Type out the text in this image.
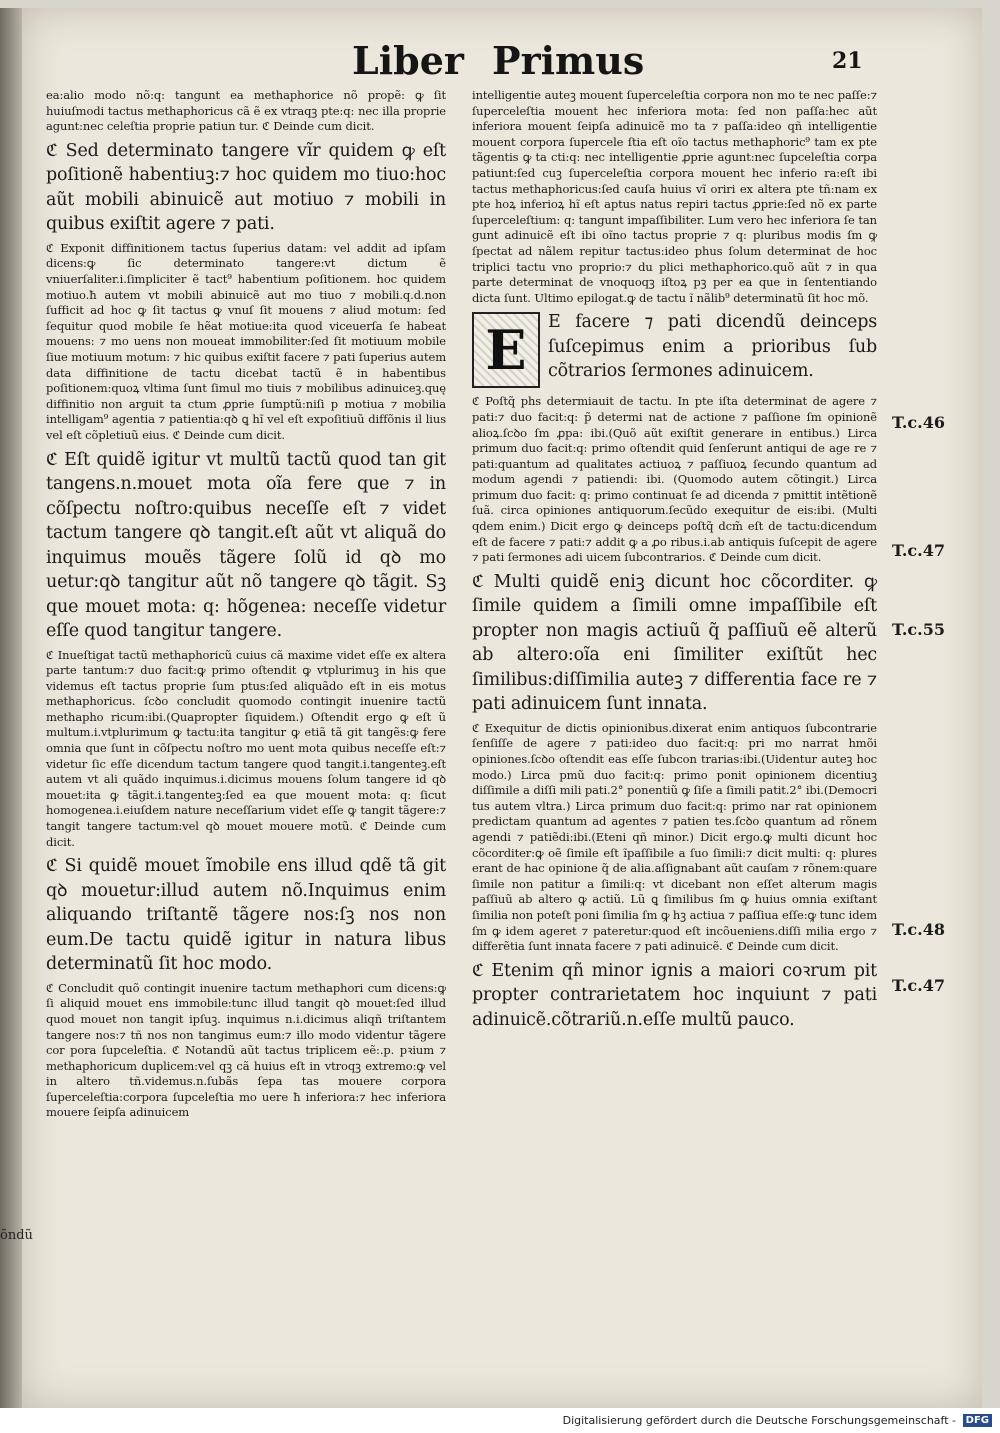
Liber Primus	21

ea:alio modo nõ:q: tangunt ea methaphorice nõ propẽ: ꝙ ſit huiuſmodi tactus methaphoricus cã ẽ ex vtraqꝫ pte:q: nec illa proprie agunt:nec celeſtia proprie patiun tur. ℭ Deinde cum dicit.

ℭ Sed determinato tangere vĩr quidem ꝙ eſt poſitionẽ habentiuꝫ:⁊ hoc quidem mo tiuo:hoc aũt mobili abinuicẽ aut motiuo ⁊ mobili in quibus exiſtit agere ⁊ pati.

ℭ Exponit diffinitionem tactus ſuperius datam: vel addit ad ipſam dicens:ꝙ ſic determinato tangere:vt dictum ẽ vniuerſaliter.i.ſimpliciter ẽ tact⁹ habentium poſitionem. hoc quidem motiuo.ħ autem vt mobili abinuicẽ aut mo tiuo ⁊ mobili.q.d.non ſufficit ad hoc ꝙ ſit tactus ꝙ vnuſ ſit mouens ⁊ aliud motum: ſed ſequitur quod mobile ſe hẽat motiue:ita quod viceuerſa ſe habeat mouens: ⁊ mo uens non moueat immobiliter:ſed ſit motiuum mobile ſiue motiuum motum: ⁊ hic quibus exiſtit facere ⁊ pati ſuperius autem data diffinitione de tactu dicebat tactũ ẽ in habentibus poſitionem:quoꝝ vltima ſunt ſimul mo tiuis ⁊ mobilibus adinuiceꝫ.quę diffinitio non arguit ta ctum ꝓprie ſumptũ:niſi p motiua ⁊ mobilia intelligam⁹ agentia ⁊ patientia:qꝺ ꝗ hĩ vel eſt expoſitiuũ diffõnis il lius vel eſt cõpletiuũ eius. ℭ Deinde cum dicit.

ℭ Eſt quidẽ igitur vt multũ tactũ quod tan git tangens.n.mouet mota oĩa fere que ⁊ in cõſpectu noſtro:quibus neceſſe eſt ⁊ videt tactum tangere qꝺ tangit.eſt aũt vt aliquã do inquimus mouẽs tãgere ſolũ id qꝺ mo uetur:qꝺ tangitur aũt nõ tangere qꝺ tãgit. Sꝫ que mouet mota: q: hõgenea: neceſſe videtur eſſe quod tangitur tangere.

ℭ Inueſtigat tactũ methaphoricũ cuius cã maxime videt eſſe ex altera parte tantum:⁊ duo facit:ꝙ primo oſtendit ꝙ vtplurimuꝫ in his que videmus eſt tactus proprie ſum ptus:ſed aliquãdo eſt in eis motus methaphoricus. ſcꝺo concludit quomodo contingit inuenire tactũ methapho ricum:ibi.(Quapropter ſiquidem.) Oſtendit ergo ꝙ eſt ũ multum.i.vtplurimum ꝙ tactu:ita tangitur ꝙ etiã tã git tangẽs:ꝙ fere omnia que ſunt in cõſpectu noſtro mo uent mota quibus neceſſe eſt:⁊ videtur ſic eſſe dicendum tactum tangere quod tangit.i.tangenteꝫ.eſt autem vt ali quãdo inquimus.i.dicimus mouens ſolum tangere id qꝺ mouet:ita ꝙ tãgit.i.tangenteꝫ:ſed ea que mouent mota: q: ſicut homogenea.i.eiuſdem nature neceſſarium videt eſſe ꝙ tangit tãgere:⁊ tangit tangere tactum:vel qꝺ mouet mouere motũ. ℭ Deinde cum dicit.

ℭ Si quidẽ mouet ĩmobile ens illud qdẽ tã git qꝺ mouetur:illud autem nõ.Inquimus enim aliquando triſtantẽ tãgere nos:ſꝫ nos non eum.De tactu quidẽ igitur in natura libus determinatũ ſit hoc modo.

ℭ Concludit quõ contingit inuenire tactum methaphori cum dicens:ꝙ ſi aliquid mouet ens immobile:tunc illud tangit qꝺ mouet:ſed illud quod mouet non tangit ipſuꝫ. inquimus n.i.dicimus aliqñ triſtantem tangere nos:⁊ tñ nos non tangimus eum:⁊ illo modo videntur tãgere cor pora ſupceleſtia. ℭ Notandũ aũt tactus triplicem eẽ:.p. pꝛium ⁊ methaphoricum duplicem:vel qꝫ cã huius eſt in vtroqꝫ extremo:ꝙ vel in altero tñ.videmus.n.ſubãs ſepa tas mouere corpora ſuperceleſtia:corpora ſupceleſtia mo uere ħ inferiora:⁊ hec inferiora mouere ſeipſa adinuicem

intelligentie auteꝫ mouent ſuperceleſtia corpora non mo te nec paſſe:⁊ ſuperceleſtia mouent hec inferiora mota: ſed non paſſa:hec aũt inferiora mouent ſeipſa adinuicẽ mo ta ⁊ paſſa:ideo qñ intelligentie mouent corpora ſupercele ſtia eſt oĩo tactus methaphoric⁹ tam ex pte tãgentis ꝙ ta cti:q: nec intelligentie ꝓprie agunt:nec ſupceleſtia corpa patiunt:ſed cuꝫ ſuperceleſtia corpora mouent hec inferio ra:eſt ibi tactus methaphoricus:ſed cauſa huius vĩ oriri ex altera pte tñ:nam ex pte hoꝝ inferioꝝ hĩ eſt aptus natus repiri tactus ꝓprie:ſed nõ ex parte ſuperceleſtium: q: tangunt impaſſibiliter. Lum vero hec inferiora ſe tan gunt adinuicẽ eſt ibi oĩno tactus proprie ⁊ q: pluribus modis ſm ꝙ ſpectat ad nãlem repitur tactus:ideo phus ſolum determinat de hoc triplici tactu vno proprio:⁊ du plici methaphorico.quõ aũt ⁊ in qua parte determinat de vnoquoqꝫ iſtoꝝ pꝫ per ea que in ſententiando dicta ſunt. Ultimo epilogat.ꝙ de tactu ĩ nãlib⁹ determinatũ ſit hoc mõ.

E	E facere ⁊ pati dicendũ deinceps ſuſcepimus enim a prioribus ſub cõtrarios ſermones adinuicem.

ℭ Poſtq̃ phs determiauit de tactu. In pte iſta determinat de agere ⁊ pati:⁊ duo facit:q: p̃ determi nat de actione ⁊ paſſione ſm opinionẽ alioꝝ.ſcꝺo ſm ꝓpa: ibi.(Quõ aũt exiſtit generare in entibus.) Lirca primum duo facit:q: primo oſtendit quid ſenſerunt antiqui de age re ⁊ pati:quantum ad qualitates actiuoꝝ ⁊ paſſiuoꝝ ſecundo quantum ad modum agendi ⁊ patiendi: ibi. (Quomodo autem cõtingit.) Lirca primum duo facit: q: primo continuat ſe ad dicenda ⁊ pmittit intẽtionẽ ſuã. circa opiniones antiquorum.ſecũdo exequitur de eis:ibi. (Multi qdem enim.) Dicit ergo ꝙ deinceps poſtq̃ dcm̃ eſt de tactu:dicendum eſt de facere ⁊ pati:⁊ addit ꝙ a ꝓo ribus.i.ab antiquis ſuſcepit de agere ⁊ pati ſermones adi uicem ſubcontrarios. ℭ Deinde cum dicit.

ℭ Multi quidẽ eniꝫ dicunt hoc cõcorditer. ꝙ ſimile quidem a ſimili omne impaſſibile eſt propter non magis actiuũ q̃ paſſiuũ eẽ alterũ ab altero:oĩa eni ſimiliter exiſtũt hec ſimilibus:diſſimilia auteꝫ ⁊ differentia face re ⁊ pati adinuicem ſunt innata.

ℭ Exequitur de dictis opinionibus.dixerat enim antiquos ſubcontrarie ſenſiſſe de agere ⁊ pati:ideo duo facit:q: pri mo narrat hmõi opiniones.ſcꝺo oſtendit eas eſſe ſubcon trarias:ibi.(Uidentur auteꝫ hoc modo.) Lirca pmũ duo facit:q: primo ponit opinionem dicentiuꝫ diſſimile a diſſi mili pati.2° ponentiũ ꝙ ſiſe a ſimili patit.2° ibi.(Democri tus autem vltra.) Lirca primum duo facit:q: primo nar rat opinionem predictam quantum ad agentes ⁊ patien tes.ſcꝺo quantum ad rõnem agendi ⁊ patiẽdi:ibi.(Eteni qñ minor.) Dicit ergo.ꝙ multi dicunt hoc cõcorditer:ꝙ oẽ ſimile eſt ĩpaſſibile a ſuo ſimili:⁊ dicit multi: q: plures erant de hac opinione q̃ de alia.aſſignabant aũt cauſam ⁊ rõnem:quare ſimile non patitur a ſimili:q: vt dicebant non eſſet alterum magis paſſiuũ ab altero ꝙ actiũ. Lũ ꝗ ſimilibus ſm ꝙ huius omnia exiſtant ſimilia non poteſt poni ſimilia ſm ꝙ hꝫ actiua ⁊ paſſiua eſſe:ꝙ tunc idem ſm ꝙ idem ageret ⁊ pateretur:quod eſt incõueniens.diſſi milia ergo ⁊ differẽtia ſunt innata facere ⁊ pati adinuicẽ. ℭ Deinde cum dicit.

ℭ Etenim qñ minor ignis a maiori coꝛrum pit propter contrarietatem hoc inquiunt ⁊ pati adinuicẽ.cõtrariũ.n.eſſe multũ pauco.

T.c.46
T.c.47
T.c.55
T.c.48
T.c.47
õndũ
Digitalisierung gefördert durch die Deutsche Forschungsgemeinschaft - DFG
